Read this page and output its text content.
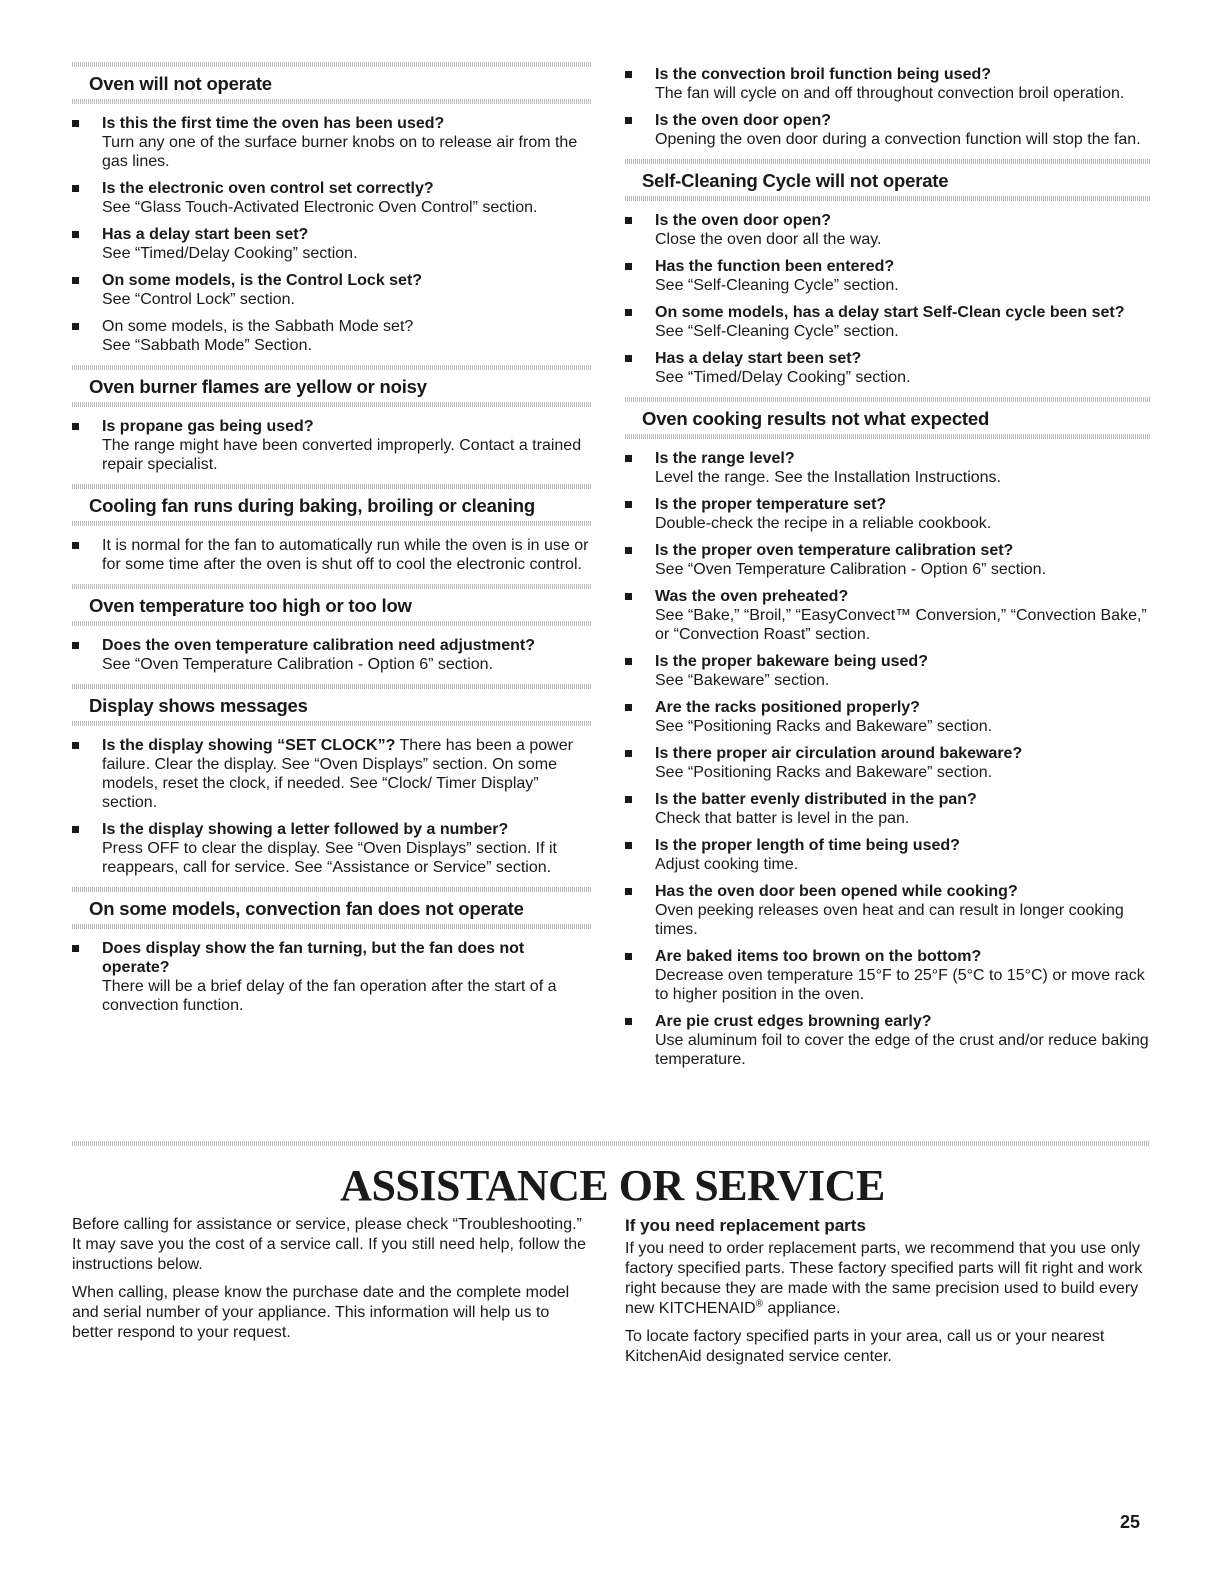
Oven will not operate
Is this the first time the oven has been used?
Turn any one of the surface burner knobs on to release air from the gas lines.
Is the electronic oven control set correctly?
See “Glass Touch-Activated Electronic Oven Control” section.
Has a delay start been set?
See “Timed/Delay Cooking” section.
On some models, is the Control Lock set?
See “Control Lock” section.
On some models, is the Sabbath Mode set?
See “Sabbath Mode” Section.
Oven burner flames are yellow or noisy
Is propane gas being used?
The range might have been converted improperly. Contact a trained repair specialist.
Cooling fan runs during baking, broiling or cleaning
It is normal for the fan to automatically run while the oven is in use or for some time after the oven is shut off to cool the electronic control.
Oven temperature too high or too low
Does the oven temperature calibration need adjustment?
See “Oven Temperature Calibration - Option 6” section.
Display shows messages
Is the display showing “SET CLOCK”? There has been a power failure. Clear the display. See “Oven Displays” section. On some models, reset the clock, if needed. See “Clock/ Timer Display” section.
Is the display showing a letter followed by a number?
Press OFF to clear the display. See “Oven Displays” section. If it reappears, call for service. See “Assistance or Service” section.
On some models, convection fan does not operate
Does display show the fan turning, but the fan does not operate?
There will be a brief delay of the fan operation after the start of a convection function.
Is the convection broil function being used?
The fan will cycle on and off throughout convection broil operation.
Is the oven door open?
Opening the oven door during a convection function will stop the fan.
Self-Cleaning Cycle will not operate
Is the oven door open?
Close the oven door all the way.
Has the function been entered?
See “Self-Cleaning Cycle” section.
On some models, has a delay start Self-Clean cycle been set?
See “Self-Cleaning Cycle” section.
Has a delay start been set?
See “Timed/Delay Cooking” section.
Oven cooking results not what expected
Is the range level?
Level the range. See the Installation Instructions.
Is the proper temperature set?
Double-check the recipe in a reliable cookbook.
Is the proper oven temperature calibration set?
See “Oven Temperature Calibration - Option 6” section.
Was the oven preheated?
See “Bake,” “Broil,” “EasyConvect™ Conversion,” “Convection Bake,” or “Convection Roast” section.
Is the proper bakeware being used?
See “Bakeware” section.
Are the racks positioned properly?
See “Positioning Racks and Bakeware” section.
Is there proper air circulation around bakeware?
See “Positioning Racks and Bakeware” section.
Is the batter evenly distributed in the pan?
Check that batter is level in the pan.
Is the proper length of time being used?
Adjust cooking time.
Has the oven door been opened while cooking?
Oven peeking releases oven heat and can result in longer cooking times.
Are baked items too brown on the bottom?
Decrease oven temperature 15°F to 25°F (5°C to 15°C) or move rack to higher position in the oven.
Are pie crust edges browning early?
Use aluminum foil to cover the edge of the crust and/or reduce baking temperature.
ASSISTANCE OR SERVICE

Before calling for assistance or service, please check “Troubleshooting.” It may save you the cost of a service call. If you still need help, follow the instructions below.

When calling, please know the purchase date and the complete model and serial number of your appliance. This information will help us to better respond to your request.

If you need replacement parts

If you need to order replacement parts, we recommend that you use only factory specified parts. These factory specified parts will fit right and work right because they are made with the same precision used to build every new KITCHENAID® appliance.

To locate factory specified parts in your area, call us or your nearest KitchenAid designated service center.

25
